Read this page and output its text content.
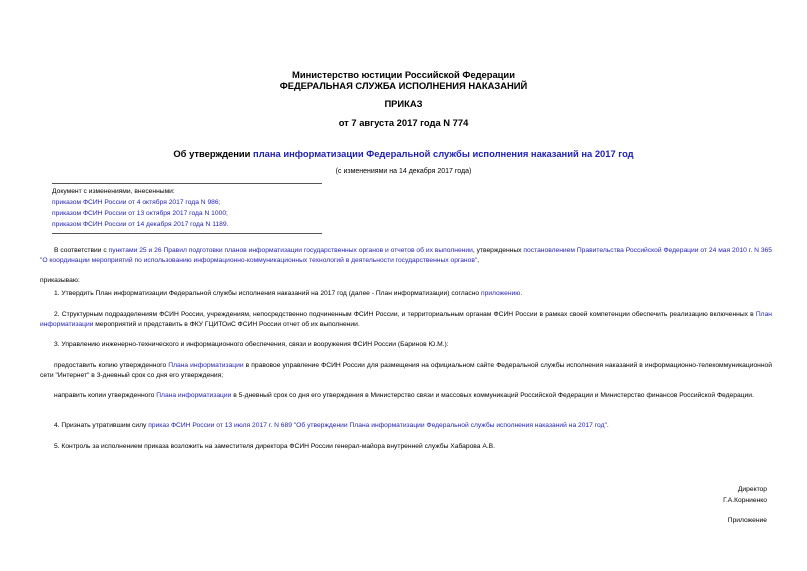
Министерство юстиции Российской Федерации
ФЕДЕРАЛЬНАЯ СЛУЖБА ИСПОЛНЕНИЯ НАКАЗАНИЙ
ПРИКАЗ
от 7 августа 2017 года N 774
Об утверждении плана информатизации Федеральной службы исполнения наказаний на 2017 год
(с изменениями на 14 декабря 2017 года)
Документ с изменениями, внесенными:
приказом ФСИН России от 4 октября 2017 года N 986;
приказом ФСИН России от 13 октября 2017 года N 1000;
приказом ФСИН России от 14 декабря 2017 года N 1189.
В соответствии с пунктами 25 и 26 Правил подготовки планов информатизации государственных органов и отчетов об их выполнении, утвержденных постановлением Правительства Российской Федерации от 24 мая 2010 г. N 365 "О координации мероприятий по использованию информационно-коммуникационных технологий в деятельности государственных органов",
приказываю:
1. Утвердить План информатизации Федеральной службы исполнения наказаний на 2017 год (далее - План информатизации) согласно приложению.
2. Структурным подразделениям ФСИН России, учреждениям, непосредственно подчиненным ФСИН России, и территориальным органам ФСИН России в рамках своей компетенции обеспечить реализацию включенных в План информатизации мероприятий и представить в ФКУ ГЦИТОиС ФСИН России отчет об их выполнении.
3. Управлению инженерно-технического и информационного обеспечения, связи и вооружения ФСИН России (Баринов Ю.М.):
предоставить копию утвержденного Плана информатизации в правовое управление ФСИН России для размещения на официальном сайте Федеральной службы исполнения наказаний в информационно-телекоммуникационной сети "Интернет" в 3-дневный срок со дня его утверждения;
направить копии утвержденного Плана информатизации в 5-дневный срок со дня его утверждения в Министерство связи и массовых коммуникаций Российской Федерации и Министерство финансов Российской Федерации.
4. Признать утратившим силу приказ ФСИН России от 13 июля 2017 г. N 689 "Об утверждении Плана информатизации Федеральной службы исполнения наказаний на 2017 год".
5. Контроль за исполнением приказа возложить на заместителя директора ФСИН России генерал-майора внутренней службы Хабарова А.В.
Директор
Г.А.Корниенко
Приложение
